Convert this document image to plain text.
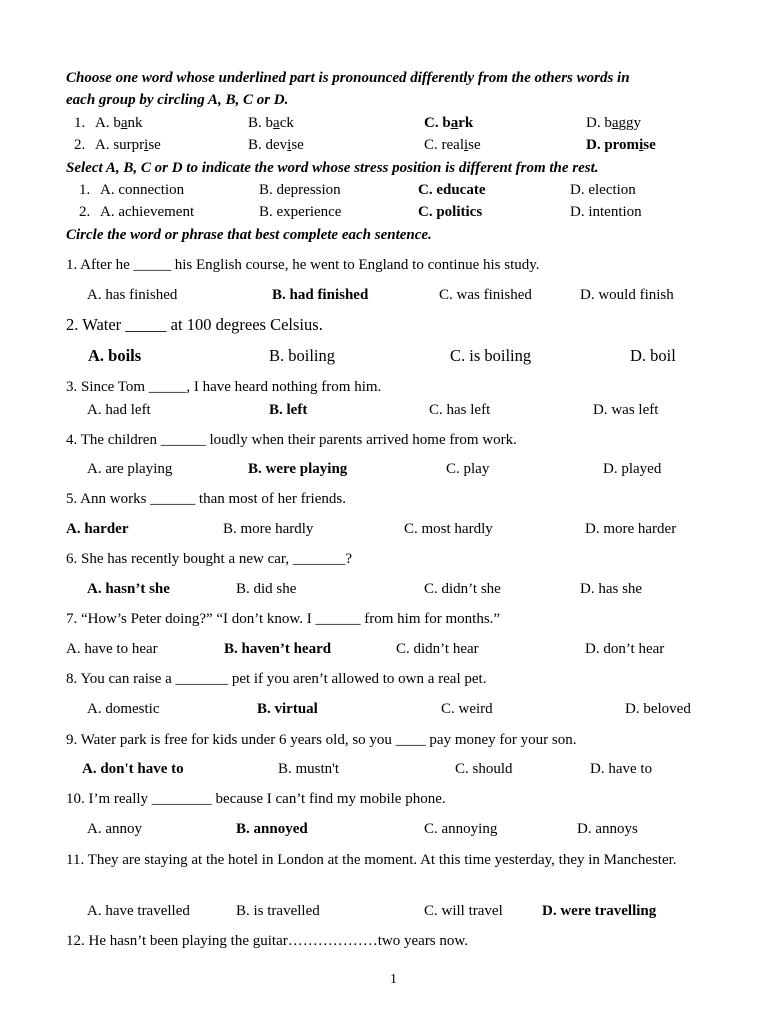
Choose one word whose underlined part is pronounced differently from the others words in
each group by circling A, B, C or D.
1. A. bank	B. back	C. bark	D. baggy
2. A. surprise	B. devise	C. realise	D. promise
Select A, B, C or D to indicate the word whose stress position is different from the rest.
1. A. connection	B. depression	C. educate	D. election
2. A. achievement	B. experience	C. politics	D. intention
Circle the word or phrase that best complete each sentence.
1. After he _____ his English course, he went to England to continue his study.
A. has finished	B. had finished	C. was finished	D. would finish
2. Water _____ at 100 degrees Celsius.
A. boils	B. boiling	C. is boiling	D. boil
3. Since Tom _____, I have heard nothing from him.
A. had left	B. left	C. has left	D. was left
4. The children ______ loudly when their parents arrived home from work.
A. are playing	B. were playing	C. play	D. played
5. Ann works ______ than most of her friends.
A. harder	B. more hardly	C. most hardly	D. more harder
6. She has recently bought a new car, _______?
A. hasn’t she	B. did she	C. didn’t she	D. has she
7. “How’s Peter doing?” “I don’t know. I ______ from him for months.”
A. have to hear	B. haven’t heard	C. didn’t hear	D. don’t hear
8. You can raise a _______ pet if you aren’t allowed to own a real pet.
A. domestic	B. virtual	C. weird	D. beloved
9. Water park is free for kids under 6 years old, so you ____ pay money for your son.
A. don't have to	B. mustn't	C. should	D. have to
10. I’m really ________ because I can’t find my mobile phone.
A. annoy	B. annoyed	C. annoying	D. annoys
11. They are staying at the hotel in London at the moment. At this time yesterday, they in Manchester.
A. have travelled	B. is travelled	C. will travel	D. were travelling
12. He hasn’t been playing the guitar………………two years now.
1
